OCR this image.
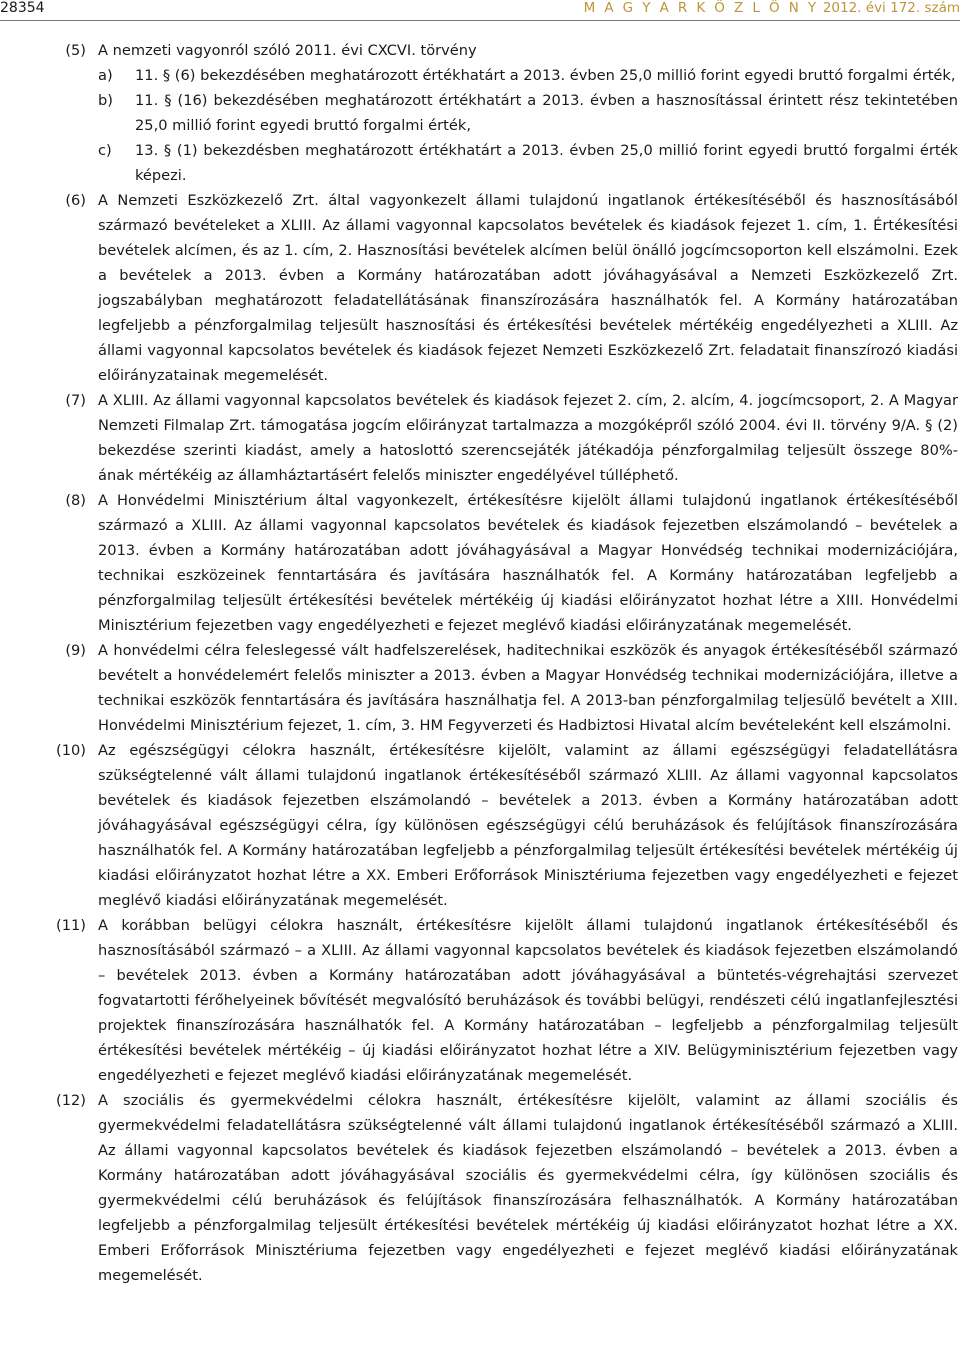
28354	M A G Y A R K Ö Z L Ö N Y 2012. évi 172. szám
(5) A nemzeti vagyonról szóló 2011. évi CXCVI. törvény
a)	11. § (6) bekezdésében meghatározott értékhatárt a 2013. évben 25,0 millió forint egyedi bruttó forgalmi érték,
b)	11. § (16) bekezdésében meghatározott értékhatárt a 2013. évben a hasznosítással érintett rész tekintetében 25,0 millió forint egyedi bruttó forgalmi érték,
c)	13. § (1) bekezdésben meghatározott értékhatárt a 2013. évben 25,0 millió forint egyedi bruttó forgalmi érték képezi.
(6) A Nemzeti Eszközkezelő Zrt. által vagyonkezelt állami tulajdonú ingatlanok értékesítéséből és hasznosításából származó bevételeket a XLIII. Az állami vagyonnal kapcsolatos bevételek és kiadások fejezet 1. cím, 1. Értékesítési bevételek alcímen, és az 1. cím, 2. Hasznosítási bevételek alcímen belül önálló jogcímcsoporton kell elszámolni. Ezek a bevételek a 2013. évben a Kormány határozatában adott jóváhagyásával a Nemzeti Eszközkezelő Zrt. jogszabályban meghatározott feladatellátásának finanszírozására használhatók fel. A Kormány határozatában legfeljebb a pénzforgalmilag teljesült hasznosítási és értékesítési bevételek mértékéig engedélyezheti a XLIII. Az állami vagyonnal kapcsolatos bevételek és kiadások fejezet Nemzeti Eszközkezelő Zrt. feladatait finanszírozó kiadási előirányzatainak megemelését.
(7) A XLIII. Az állami vagyonnal kapcsolatos bevételek és kiadások fejezet 2. cím, 2. alcím, 4. jogcímcsoport, 2. A Magyar Nemzeti Filmalap Zrt. támogatása jogcím előirányzat tartalmazza a mozgóképről szóló 2004. évi II. törvény 9/A. § (2) bekezdése szerinti kiadást, amely a hatoslottó szerencsejáték játékadója pénzforgalmilag teljesült összege 80%-ának mértékéig az államháztartásért felelős miniszter engedélyével túlléphető.
(8) A Honvédelmi Minisztérium által vagyonkezelt, értékesítésre kijelölt állami tulajdonú ingatlanok értékesítéséből származó a XLIII. Az állami vagyonnal kapcsolatos bevételek és kiadások fejezetben elszámolandó – bevételek a 2013. évben a Kormány határozatában adott jóváhagyásával a Magyar Honvédség technikai modernizációjára, technikai eszközeinek fenntartására és javítására használhatók fel. A Kormány határozatában legfeljebb a pénzforgalmilag teljesült értékesítési bevételek mértékéig új kiadási előirányzatot hozhat létre a XIII. Honvédelmi Minisztérium fejezetben vagy engedélyezheti e fejezet meglévő kiadási előirányzatának megemelését.
(9) A honvédelmi célra feleslegessé vált hadfelszerelések, haditechnikai eszközök és anyagok értékesítéséből származó bevételt a honvédelemért felelős miniszter a 2013. évben a Magyar Honvédség technikai modernizációjára, illetve a technikai eszközök fenntartására és javítására használhatja fel. A 2013-ban pénzforgalmilag teljesülő bevételt a XIII. Honvédelmi Minisztérium fejezet, 1. cím, 3. HM Fegyverzeti és Hadbiztosi Hivatal alcím bevételeként kell elszámolni.
(10) Az egészségügyi célokra használt, értékesítésre kijelölt, valamint az állami egészségügyi feladatellátásra szükségtelenné vált állami tulajdonú ingatlanok értékesítéséből származó XLIII. Az állami vagyonnal kapcsolatos bevételek és kiadások fejezetben elszámolandó – bevételek a 2013. évben a Kormány határozatában adott jóváhagyásával egészségügyi célra, így különösen egészségügyi célú beruházások és felújítások finanszírozására használhatók fel. A Kormány határozatában legfeljebb a pénzforgalmilag teljesült értékesítési bevételek mértékéig új kiadási előirányzatot hozhat létre a XX. Emberi Erőforrások Minisztériuma fejezetben vagy engedélyezheti e fejezet meglévő kiadási előirányzatának megemelését.
(11) A korábban belügyi célokra használt, értékesítésre kijelölt állami tulajdonú ingatlanok értékesítéséből és hasznosításából származó – a XLIII. Az állami vagyonnal kapcsolatos bevételek és kiadások fejezetben elszámolandó – bevételek 2013. évben a Kormány határozatában adott jóváhagyásával a büntetés-végrehajtási szervezet fogvatartotti férőhelyeinek bővítését megvalósító beruházások és további belügyi, rendészeti célú ingatlanfejlesztési projektek finanszírozására használhatók fel. A Kormány határozatában – legfeljebb a pénzforgalmilag teljesült értékesítési bevételek mértékéig – új kiadási előirányzatot hozhat létre a XIV. Belügyminisztérium fejezetben vagy engedélyezheti e fejezet meglévő kiadási előirányzatának megemelését.
(12) A szociális és gyermekvédelmi célokra használt, értékesítésre kijelölt, valamint az állami szociális és gyermekvédelmi feladatellátásra szükségtelenné vált állami tulajdonú ingatlanok értékesítéséből származó a XLIII. Az állami vagyonnal kapcsolatos bevételek és kiadások fejezetben elszámolandó – bevételek a 2013. évben a Kormány határozatában adott jóváhagyásával szociális és gyermekvédelmi célra, így különösen szociális és gyermekvédelmi célú beruházások és felújítások finanszírozására felhasználhatók. A Kormány határozatában legfeljebb a pénzforgalmilag teljesült értékesítési bevételek mértékéig új kiadási előirányzatot hozhat létre a XX. Emberi Erőforrások Minisztériuma fejezetben vagy engedélyezheti e fejezet meglévő kiadási előirányzatának megemelését.
